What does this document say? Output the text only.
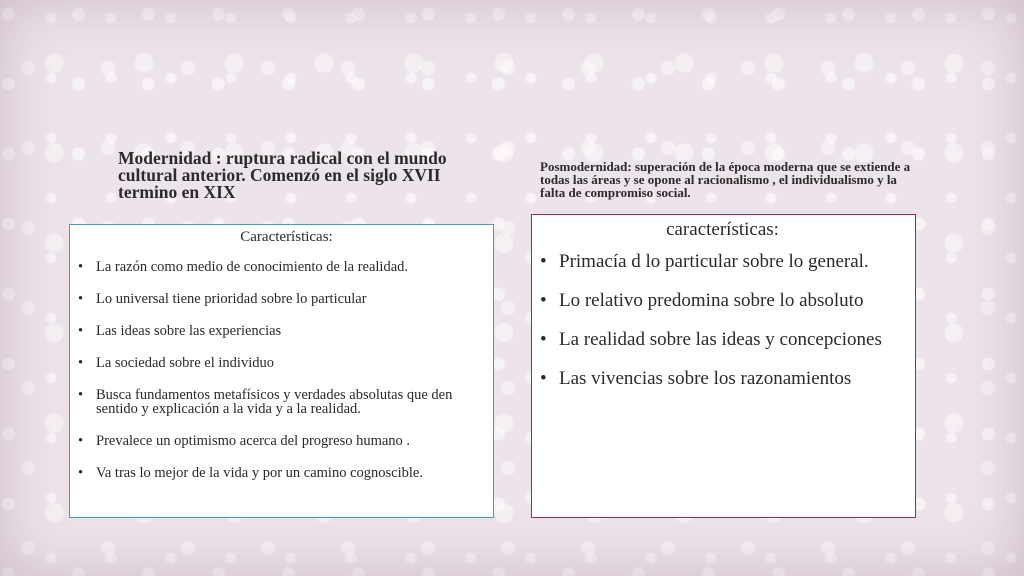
Modernidad : ruptura radical con el mundo cultural anterior. Comenzó en el siglo XVII termino en XIX
Posmodernidad: superación de la época moderna que se extiende a todas las áreas y se opone al racionalismo , el individualismo y la falta de compromiso social.
Características:
• La razón como medio de conocimiento de la realidad.
• Lo universal tiene prioridad sobre lo particular
• Las ideas sobre las experiencias
• La sociedad sobre el individuo
• Busca fundamentos metafísicos y verdades absolutas que den sentido y explicación a la vida y a la realidad.
• Prevalece un optimismo acerca del progreso humano .
• Va tras lo mejor de la vida y por un camino cognoscible.
características:
• Primacía d lo particular sobre lo general.
• Lo relativo predomina sobre lo absoluto
• La realidad sobre las ideas y concepciones
• Las vivencias sobre los razonamientos
